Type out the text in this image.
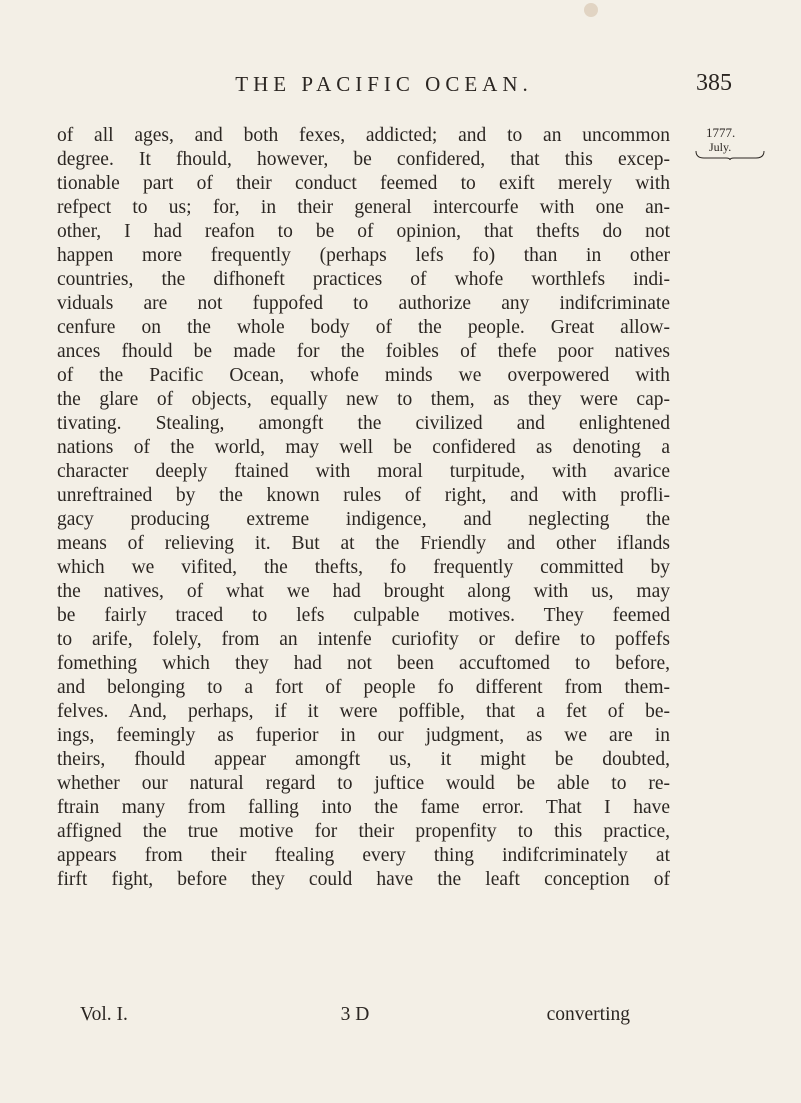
THE PACIFIC OCEAN.	385
1777.
July.
of all ages, and both fexes, addicted; and to an uncommon
degree. It fhould, however, be confidered, that this excep-
tionable part of their conduct feemed to exift merely with
refpect to us; for, in their general intercourfe with one an-
other, I had reafon to be of opinion, that thefts do not
happen more frequently (perhaps lefs fo) than in other
countries, the difhoneft practices of whofe worthlefs indi-
viduals are not fuppofed to authorize any indifcriminate
cenfure on the whole body of the people. Great allow-
ances fhould be made for the foibles of thefe poor natives
of the Pacific Ocean, whofe minds we overpowered with
the glare of objects, equally new to them, as they were cap-
tivating. Stealing, amongft the civilized and enlightened
nations of the world, may well be confidered as denoting a
character deeply ftained with moral turpitude, with avarice
unreftrained by the known rules of right, and with profli-
gacy producing extreme indigence, and neglecting the
means of relieving it. But at the Friendly and other iflands
which we vifited, the thefts, fo frequently committed by
the natives, of what we had brought along with us, may
be fairly traced to lefs culpable motives. They feemed
to arife, folely, from an intenfe curiofity or defire to poffefs
fomething which they had not been accuftomed to before,
and belonging to a fort of people fo different from them-
felves. And, perhaps, if it were poffible, that a fet of be-
ings, feemingly as fuperior in our judgment, as we are in
theirs, fhould appear amongft us, it might be doubted,
whether our natural regard to juftice would be able to re-
ftrain many from falling into the fame error. That I have
affigned the true motive for their propenfity to this practice,
appears from their ftealing every thing indifcriminately at
firft fight, before they could have the leaft conception of
Vol. I.	3 D	converting
